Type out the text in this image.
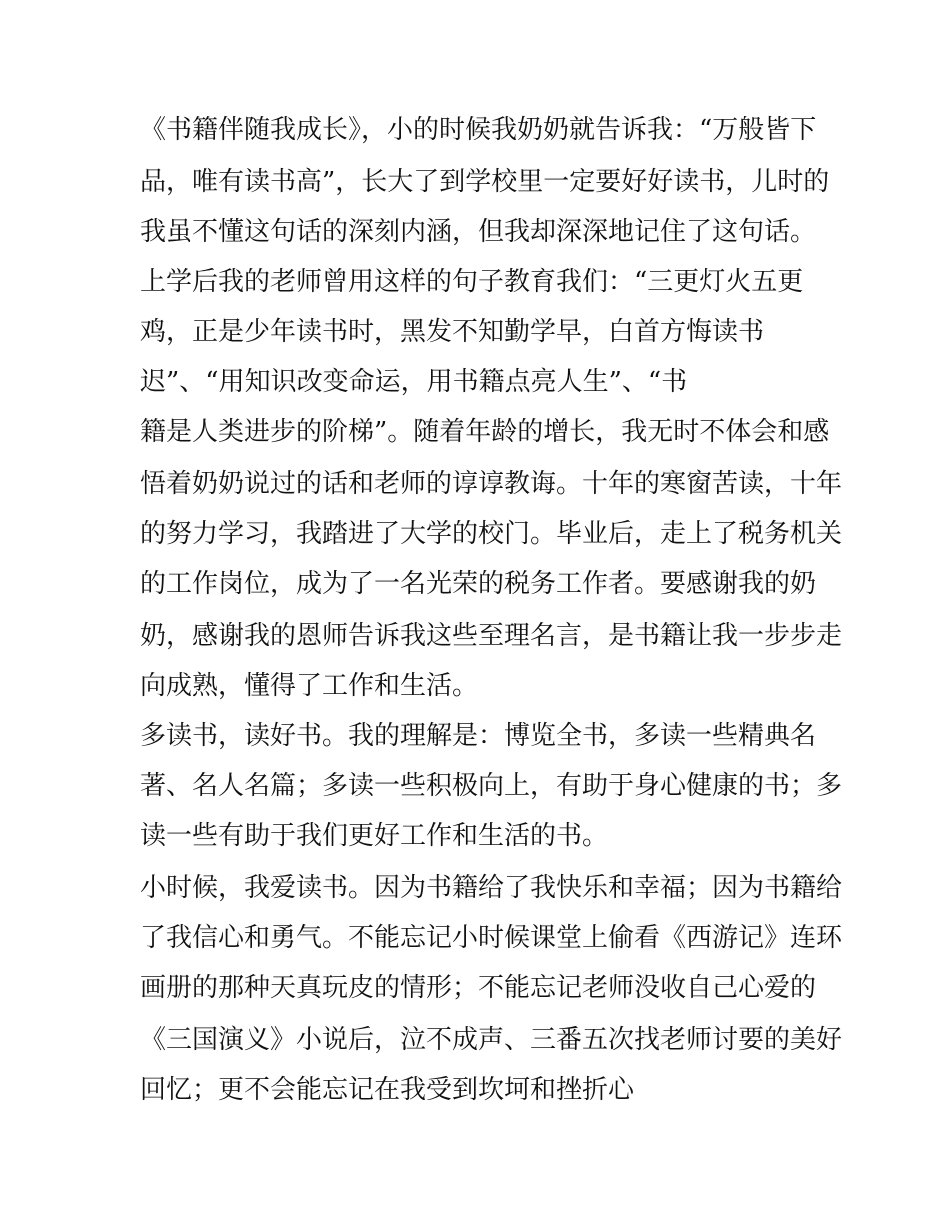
《书籍伴随我成长》，小的时候我奶奶就告诉我：“万般皆下
品，唯有读书高”，长大了到学校里一定要好好读书，儿时的
我虽不懂这句话的深刻内涵，但我却深深地记住了这句话。
上学后我的老师曾用这样的句子教育我们：“三更灯火五更
鸡，正是少年读书时，黑发不知勤学早，白首方悔读书
迟”、“用知识改变命运，用书籍点亮人生”、“书
籍是人类进步的阶梯”。随着年龄的增长，我无时不体会和感
悟着奶奶说过的话和老师的谆谆教诲。十年的寒窗苦读，十年
的努力学习，我踏进了大学的校门。毕业后，走上了税务机关
的工作岗位，成为了一名光荣的税务工作者。要感谢我的奶
奶，感谢我的恩师告诉我这些至理名言，是书籍让我一步步走
向成熟，懂得了工作和生活。
多读书，读好书。我的理解是：博览全书，多读一些精典名
著、名人名篇；多读一些积极向上，有助于身心健康的书；多
读一些有助于我们更好工作和生活的书。
小时候，我爱读书。因为书籍给了我快乐和幸福；因为书籍给
了我信心和勇气。不能忘记小时候课堂上偷看《西游记》连环
画册的那种天真玩皮的情形；不能忘记老师没收自己心爱的
《三国演义》小说后，泣不成声、三番五次找老师讨要的美好
回忆；更不会能忘记在我受到坎坷和挫折心
